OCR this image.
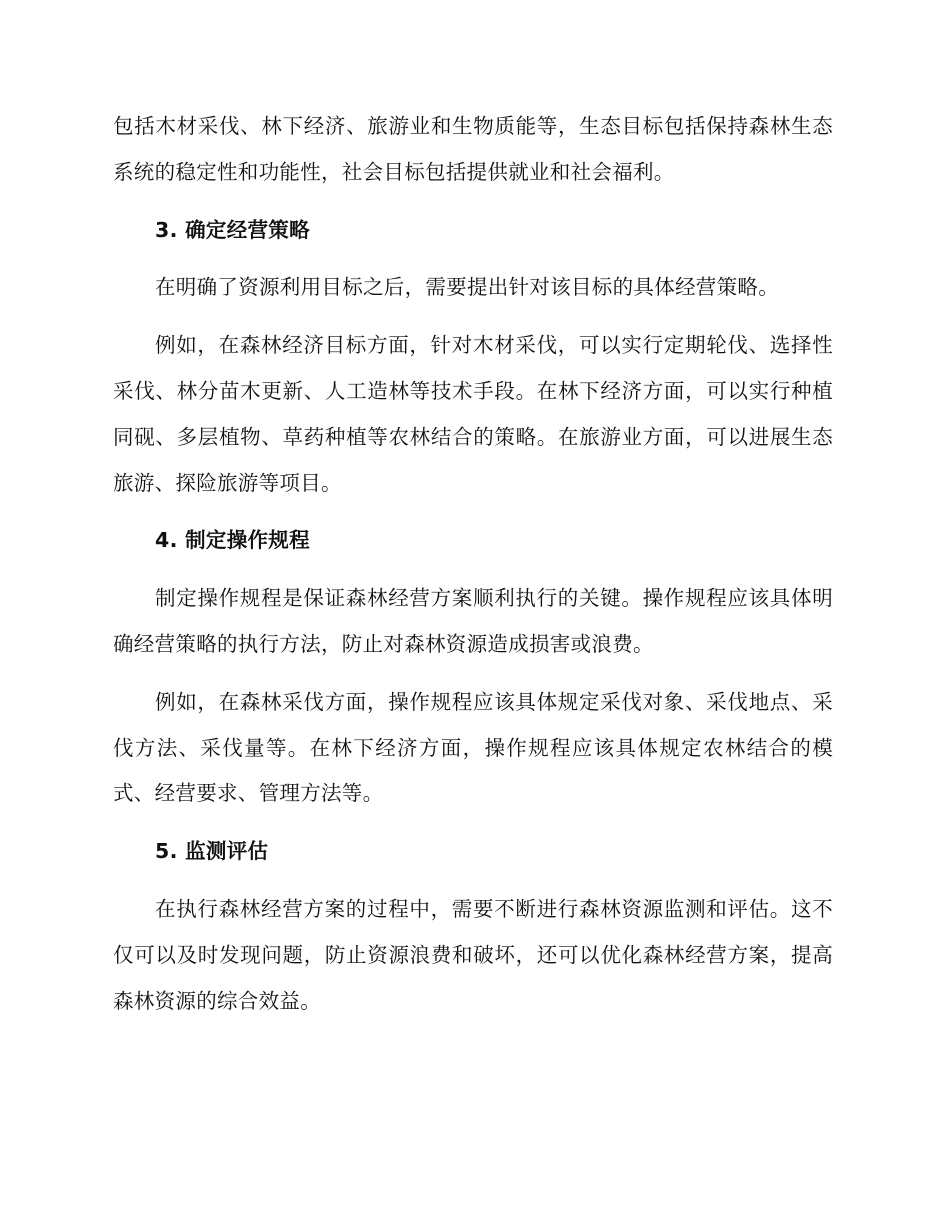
包括木材采伐、林下经济、旅游业和生物质能等，生态目标包括保持森林生态系统的稳定性和功能性，社会目标包括提供就业和社会福利。

3. 确定经营策略

在明确了资源利用目标之后，需要提出针对该目标的具体经营策略。

例如，在森林经济目标方面，针对木材采伐，可以实行定期轮伐、选择性采伐、林分苗木更新、人工造林等技术手段。在林下经济方面，可以实行种植同砚、多层植物、草药种植等农林结合的策略。在旅游业方面，可以进展生态旅游、探险旅游等项目。

4. 制定操作规程

制定操作规程是保证森林经营方案顺利执行的关键。操作规程应该具体明确经营策略的执行方法，防止对森林资源造成损害或浪费。

例如，在森林采伐方面，操作规程应该具体规定采伐对象、采伐地点、采伐方法、采伐量等。在林下经济方面，操作规程应该具体规定农林结合的模式、经营要求、管理方法等。

5. 监测评估

在执行森林经营方案的过程中，需要不断进行森林资源监测和评估。这不仅可以及时发现问题，防止资源浪费和破坏，还可以优化森林经营方案，提高森林资源的综合效益。
